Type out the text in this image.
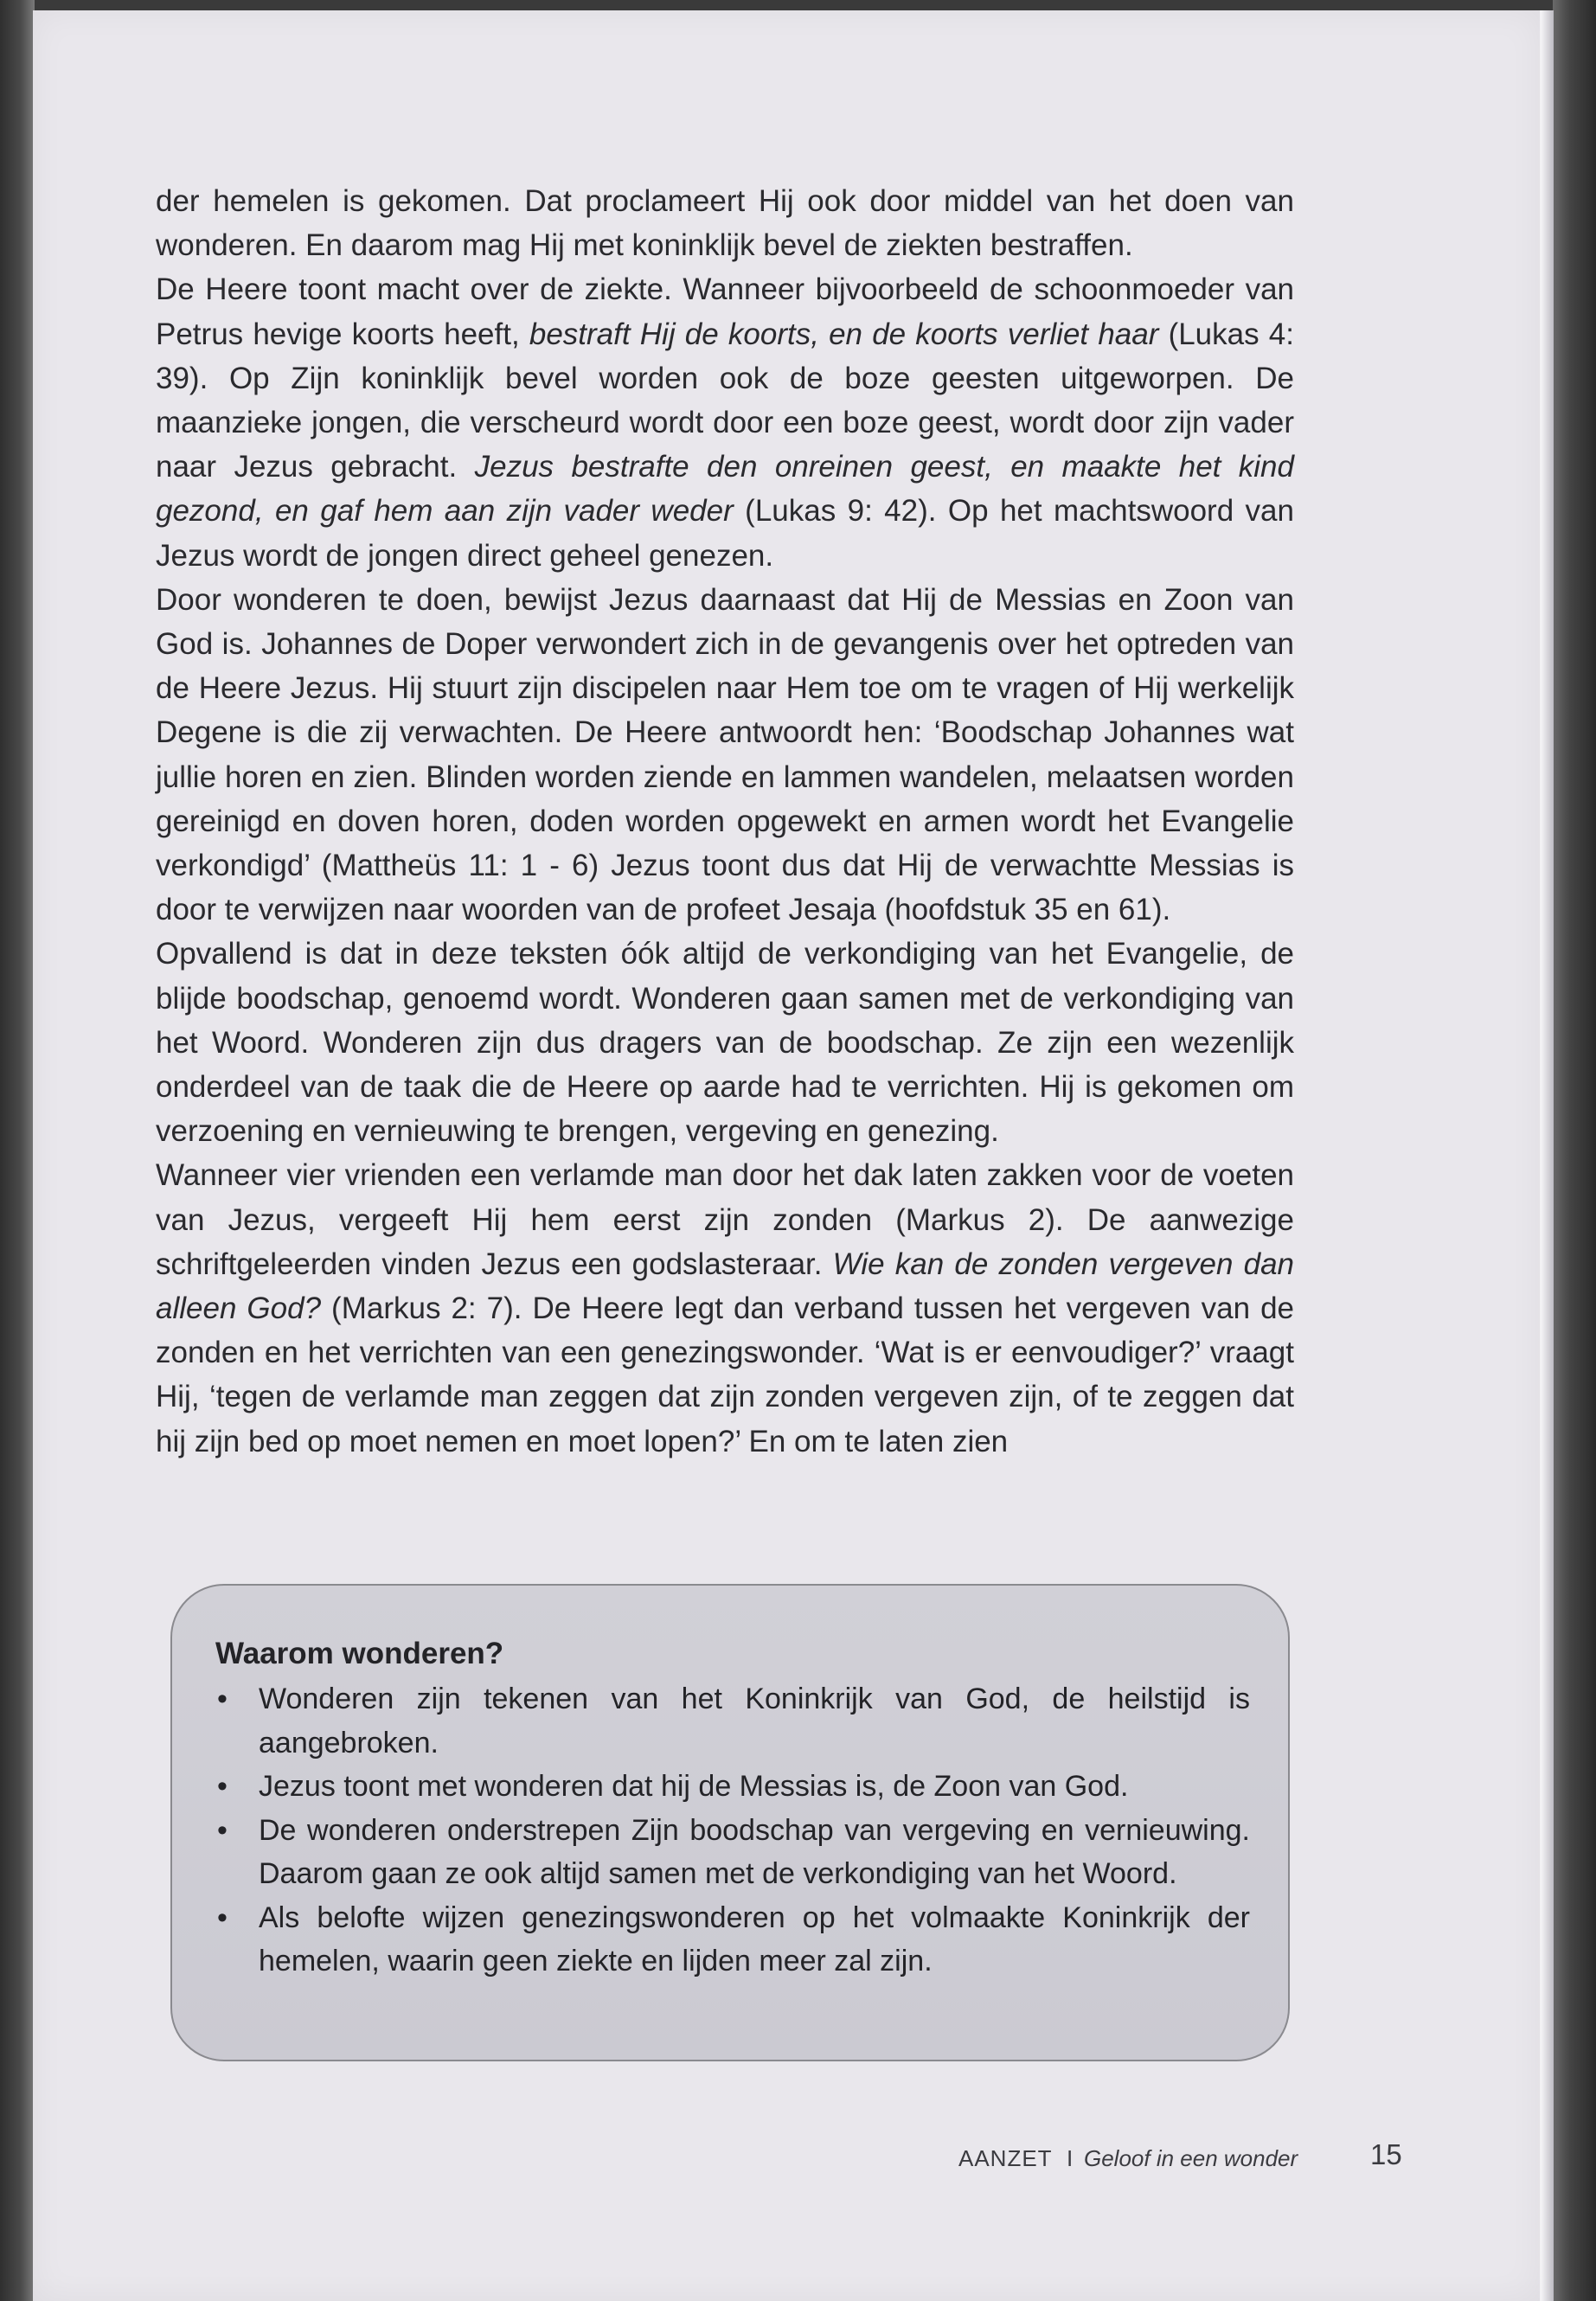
der hemelen is gekomen. Dat proclameert Hij ook door middel van het doen van wonderen. En daarom mag Hij met koninklijk bevel de ziekten bestraffen.

De Heere toont macht over de ziekte. Wanneer bijvoorbeeld de schoonmoeder van Petrus hevige koorts heeft, bestraft Hij de koorts, en de koorts verliet haar (Lukas 4: 39). Op Zijn koninklijk bevel worden ook de boze geesten uitgeworpen. De maanzieke jongen, die verscheurd wordt door een boze geest, wordt door zijn vader naar Jezus gebracht. Jezus bestrafte den onreinen geest, en maakte het kind gezond, en gaf hem aan zijn vader weder (Lukas 9: 42). Op het machtswoord van Jezus wordt de jongen direct geheel genezen.

Door wonderen te doen, bewijst Jezus daarnaast dat Hij de Messias en Zoon van God is. Johannes de Doper verwondert zich in de gevangenis over het optreden van de Heere Jezus. Hij stuurt zijn discipelen naar Hem toe om te vragen of Hij werkelijk Degene is die zij verwachten. De Heere antwoordt hen: ‘Boodschap Johannes wat jullie horen en zien. Blinden worden ziende en lammen wandelen, melaatsen worden gereinigd en doven horen, doden worden opgewekt en armen wordt het Evangelie verkondigd’ (Mattheüs 11: 1 - 6) Jezus toont dus dat Hij de verwachtte Messias is door te verwijzen naar woorden van de profeet Jesaja (hoofdstuk 35 en 61).

Opvallend is dat in deze teksten óók altijd de verkondiging van het Evangelie, de blijde boodschap, genoemd wordt. Wonderen gaan samen met de verkondiging van het Woord. Wonderen zijn dus dragers van de boodschap. Ze zijn een wezenlijk onderdeel van de taak die de Heere op aarde had te verrichten. Hij is gekomen om verzoening en vernieuwing te brengen, vergeving en genezing.

Wanneer vier vrienden een verlamde man door het dak laten zakken voor de voeten van Jezus, vergeeft Hij hem eerst zijn zonden (Markus 2). De aanwezige schriftgeleerden vinden Jezus een godslasteraar. Wie kan de zonden vergeven dan alleen God? (Markus 2: 7). De Heere legt dan verband tussen het vergeven van de zonden en het verrichten van een genezingswonder. ‘Wat is er eenvoudiger?’ vraagt Hij, ‘tegen de verlamde man zeggen dat zijn zonden vergeven zijn, of te zeggen dat hij zijn bed op moet nemen en moet lopen?’ En om te laten zien

Waarom wonderen?
• Wonderen zijn tekenen van het Koninkrijk van God, de heilstijd is aangebroken.
• Jezus toont met wonderen dat hij de Messias is, de Zoon van God.
• De wonderen onderstrepen Zijn boodschap van vergeving en vernieuwing. Daarom gaan ze ook altijd samen met de verkondiging van het Woord.
• Als belofte wijzen genezingswonderen op het volmaakte Koninkrijk der hemelen, waarin geen ziekte en lijden meer zal zijn.
AANZET I Geloof in een wonder	15
